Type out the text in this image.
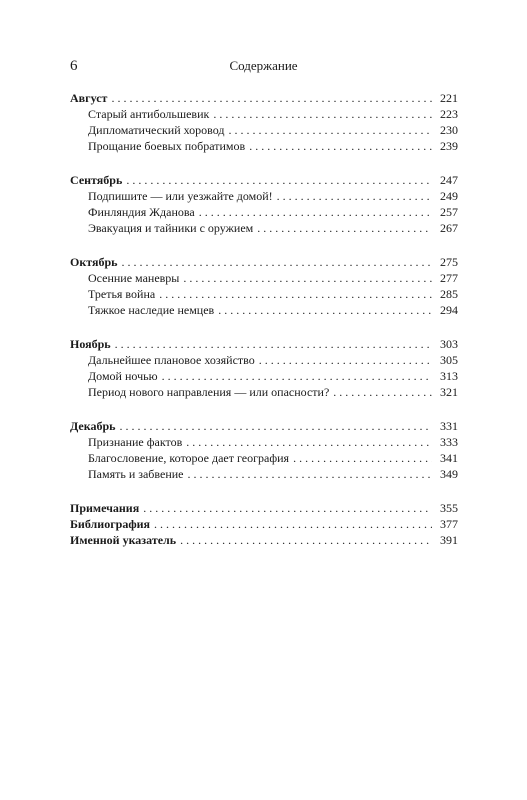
6	Содержание
Август . . .	221
Старый антибольшевик . . .	223
Дипломатический хоровод . . .	230
Прощание боевых побратимов . . .	239
Сентябрь . . .	247
Подпишите — или уезжайте домой! . . .	249
Финляндия Жданова . . .	257
Эвакуация и тайники с оружием . . .	267
Октябрь . . .	275
Осенние маневры . . .	277
Третья война . . .	285
Тяжкое наследие немцев . . .	294
Ноябрь . . .	303
Дальнейшее плановое хозяйство . . .	305
Домой ночью . . .	313
Период нового направления — или опасности? . . .	321
Декабрь . . .	331
Признание фактов . . .	333
Благословение, которое дает география . . .	341
Память и забвение . . .	349
Примечания . . .	355
Библиография . . .	377
Именной указатель . . .	391
